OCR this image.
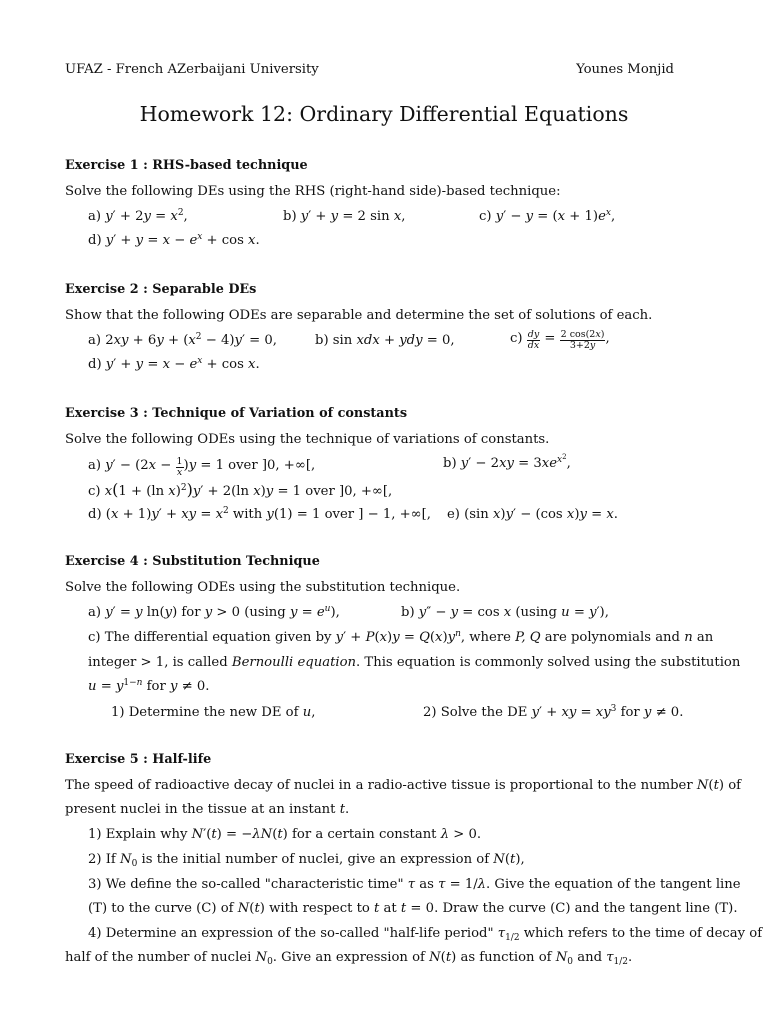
UFAZ - French AZerbaijani University	Younes Monjid
Homework 12: Ordinary Differential Equations
Exercise 1 : RHS-based technique
Solve the following DEs using the RHS (right-hand side)-based technique:
a) $y' + 2y = x^2$,	b) y′ + y = 2 sin x,	c) $y' - y = (x + 1)e^x$,
d) $y' + y = x - e^x + \cos x$.
Exercise 2 : Separable DEs
Show that the following ODEs are separable and determine the set of solutions of each.
a) $2xy + 6y + (x^2 - 4)y' = 0$,	b) sin xdx + ydy = 0,	$c) \frac{dy}{dx} = \frac{2 \cos(2x)}{3+2y}$ ,
d) $y' + y = x - e^x + \cos x$.
Exercise 3 : Technique of Variation of constants
Solve the following ODEs using the technique of variations of constants.
a) $y' - (2x - \frac{1}{x} )y = 1$ over ]0, +∞[,	b) $y' - 2xy = 3xe^{x^2}$,
c) x(1 + (ln x)$^2$)y′ + 2(ln x)y = 1 over ]0, +∞[,
d) (x + 1)y′ + xy = $x^2$ with y(1) = 1 over ] − 1, +∞[, e) (sin x)y′ − (cos x)y = x.
Exercise 4 : Substitution Technique
Solve the following ODEs using the substitution technique.
a) y′ = y ln(y) for y > 0 (using $y = e^u$),	b) y″ − y = cos x (using u = y′),
c) The differential equation given by $y' + P(x)y = Q(x)y^n$, where P, Q are polynomials and n an
integer > 1, is called Bernoulli equation. This equation is commonly solved using the substitution
$u = y^{1-n}$ for y ≠ 0.
1) Determine the new DE of u,	2) Solve the DE y′ + xy = $xy^3$ for y ≠ 0.
Exercise 5 : Half-life
The speed of radioactive decay of nuclei in a radio-active tissue is proportional to the number N(t) of
present nuclei in the tissue at an instant t.
1) Explain why N′(t) = −λN(t) for a certain constant λ > 0.
2) If $N_0$ is the initial number of nuclei, give an expression of N(t),
3) We define the so-called "characteristic time" τ as τ = 1/λ. Give the equation of the tangent line
(T) to the curve (C) of N(t) with respect to t at t = 0. Draw the curve (C) and the tangent line (T).
4) Determine an expression of the so-called "half-life period" $\tau_{1/2}$ which refers to the time of decay of
half of the number of nuclei $N_0$. Give an expression of N(t) as function of $N_0$ and $\tau_{1/2}$.
